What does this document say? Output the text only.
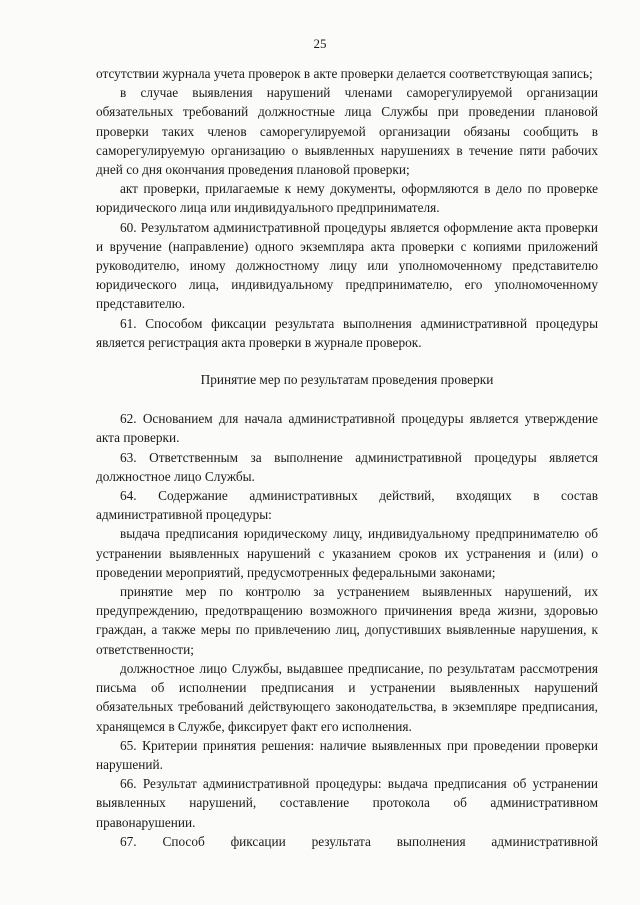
25

отсутствии журнала учета проверок в акте проверки делается соответствующая запись;

в случае выявления нарушений членами саморегулируемой организации обязательных требований должностные лица Службы при проведении плановой проверки таких членов саморегулируемой организации обязаны сообщить в саморегулируемую организацию о выявленных нарушениях в течение пяти рабочих дней со дня окончания проведения плановой проверки;

акт проверки, прилагаемые к нему документы, оформляются в дело по проверке юридического лица или индивидуального предпринимателя.

60. Результатом административной процедуры является оформление акта проверки и вручение (направление) одного экземпляра акта проверки с копиями приложений руководителю, иному должностному лицу или уполномоченному представителю юридического лица, индивидуальному предпринимателю, его уполномоченному представителю.

61. Способом фиксации результата выполнения административной процедуры является регистрация акта проверки в журнале проверок.

Принятие мер по результатам проведения проверки

62. Основанием для начала административной процедуры является утверждение акта проверки.

63. Ответственным за выполнение административной процедуры является должностное лицо Службы.

64. Содержание административных действий, входящих в состав административной процедуры:

выдача предписания юридическому лицу, индивидуальному предпринимателю об устранении выявленных нарушений с указанием сроков их устранения и (или) о проведении мероприятий, предусмотренных федеральными законами;

принятие мер по контролю за устранением выявленных нарушений, их предупреждению, предотвращению возможного причинения вреда жизни, здоровью граждан, а также меры по привлечению лиц, допустивших выявленные нарушения, к ответственности;

должностное лицо Службы, выдавшее предписание, по результатам рассмотрения письма об исполнении предписания и устранении выявленных нарушений обязательных требований действующего законодательства, в экземпляре предписания, хранящемся в Службе, фиксирует факт его исполнения.

65. Критерии принятия решения: наличие выявленных при проведении проверки нарушений.

66. Результат административной процедуры: выдача предписания об устранении выявленных нарушений, составление протокола об административном правонарушении.

67. Способ фиксации результата выполнения административной
